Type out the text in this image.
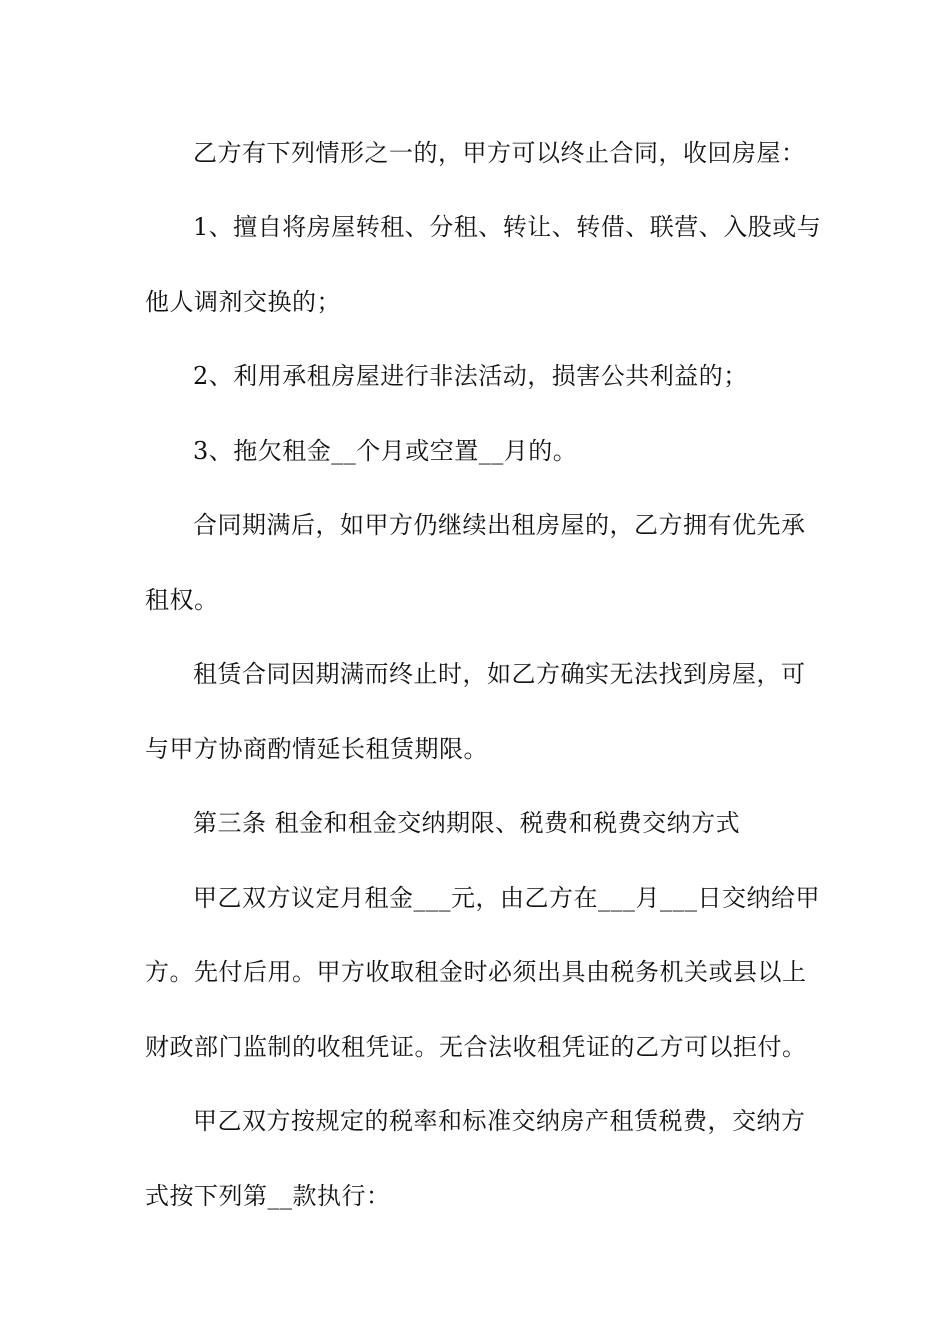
乙方有下列情形之一的，甲方可以终止合同，收回房屋：
1、擅自将房屋转租、分租、转让、转借、联营、入股或与
他人调剂交换的；
2、利用承租房屋进行非法活动，损害公共利益的；
3、拖欠租金__个月或空置__月的。
合同期满后，如甲方仍继续出租房屋的，乙方拥有优先承
租权。
租赁合同因期满而终止时，如乙方确实无法找到房屋，可
与甲方协商酌情延长租赁期限。
第三条 租金和租金交纳期限、税费和税费交纳方式
甲乙双方议定月租金___元，由乙方在___月___日交纳给甲
方。先付后用。甲方收取租金时必须出具由税务机关或县以上
财政部门监制的收租凭证。无合法收租凭证的乙方可以拒付。
甲乙双方按规定的税率和标准交纳房产租赁税费，交纳方
式按下列第__款执行：
